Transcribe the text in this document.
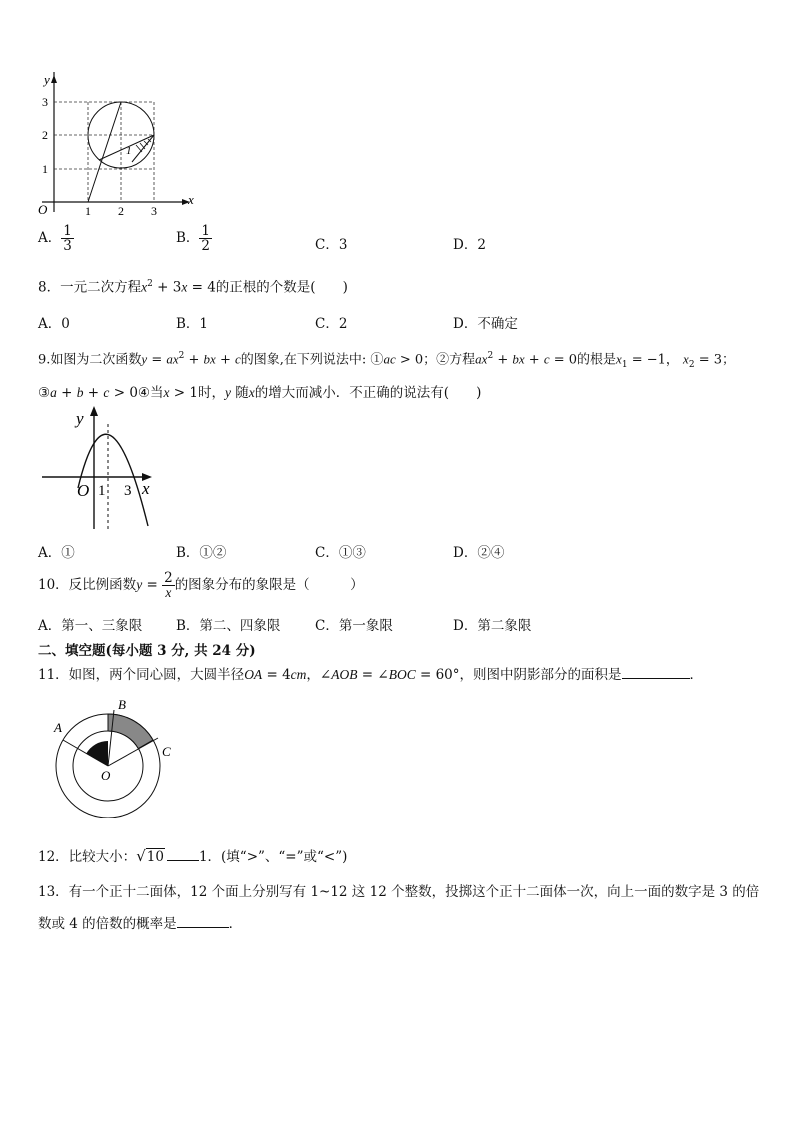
1
y
x
O	1 2 3
1
2
3
A． $\frac{1}{3}$	B． $\frac{1}{2}$	C．3	D．2
8．一元二次方程$x^2 + 3x = 4$的正根的个数是(　　)
A．0	B．1	C．2	D．不确定
9.如图为二次函数$y = ax^2$ + bx + c的图象,在下列说法中: ①ac > 0；②方程$ax^2$ + bx + c = 0的根是$x_1 = -1$， $x_2 = 3$；
③a + b + c > 0④当x > 1时，y 随x的增大而减小．不正确的说法有(　　)
y
x
O 1 3
A．①	B．①②	C．①③	D．②④
10．反比例函数$y = \frac{2}{x}$ 的图象分布的象限是（　　　）
A．第一、三象限	B．第二、四象限	C．第一象限	D．第二象限
二、填空题(每小题 3 分, 共 24 分)
11．如图，两个同心圆，大圆半径OA = 4cm，∠AOB = ∠BOC = 60°，则图中阴影部分的面积是	．
A
B
C
O
12．比较大小：√10	1．(填“>”、“=”或“<”)
13．有一个正十二面体，12 个面上分别写有 1~12 这 12 个整数，投掷这个正十二面体一次，向上一面的数字是 3 的倍
数或 4 的倍数的概率是	．
